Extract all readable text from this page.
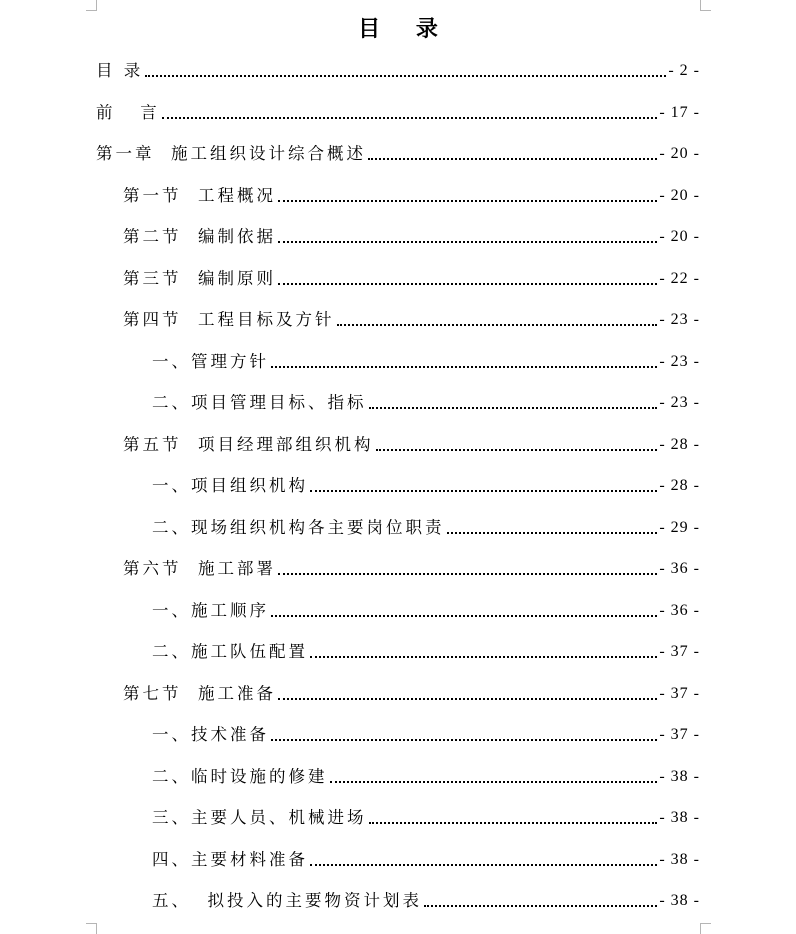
目 录
目 录	- 2 -
前   言	- 17 -
第一章  施工组织设计综合概述	- 20 -
第一节  工程概况	- 20 -
第二节  编制依据	- 20 -
第三节  编制原则	- 22 -
第四节  工程目标及方针	- 23 -
一、管理方针	- 23 -
二、项目管理目标、指标	- 23 -
第五节  项目经理部组织机构	- 28 -
一、项目组织机构	- 28 -
二、现场组织机构各主要岗位职责	- 29 -
第六节  施工部署	- 36 -
一、施工顺序	- 36 -
二、施工队伍配置	- 37 -
第七节  施工准备	- 37 -
一、技术准备	- 37 -
二、临时设施的修建	- 38 -
三、主要人员、机械进场	- 38 -
四、主要材料准备	- 38 -
五、  拟投入的主要物资计划表	- 38 -
